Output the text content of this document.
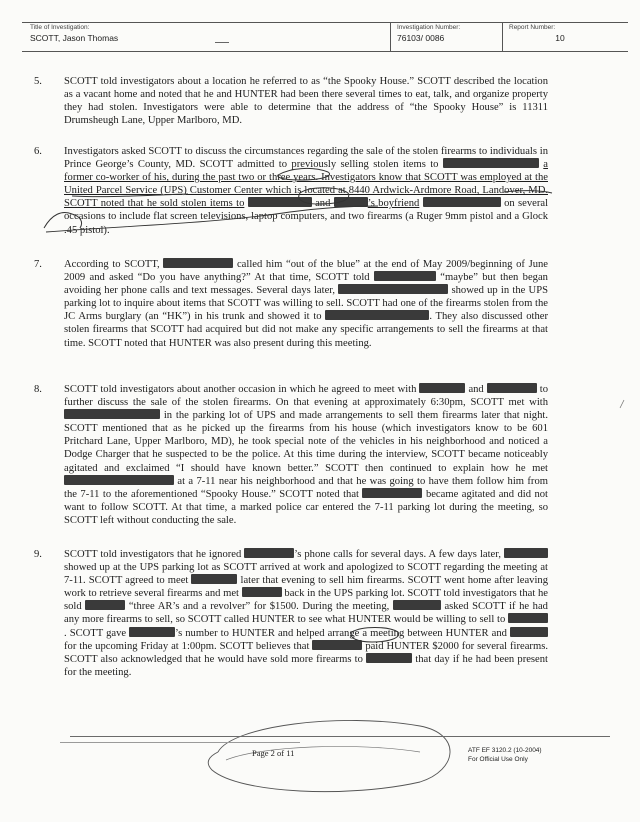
Title of Investigation:
SCOTT, Jason Thomas
Investigation Number:
76103/ 0086
Report Number:
10
5. SCOTT told investigators about a location he referred to as “the Spooky House.” SCOTT described the location as a vacant home and noted that he and HUNTER had been there several times to eat, talk, and organize property they had stolen. Investigators were able to determine that the address of “the Spooky House” is 11311 Drumsheugh Lane, Upper Marlboro, MD.
6. Investigators asked SCOTT to discuss the circumstances regarding the sale of the stolen firearms to individuals in Prince George’s County, MD. SCOTT admitted to previously selling stolen items to	a former co-worker of his, during the past two or three years. Investigators know that SCOTT was employed at the United Parcel Service (UPS) Customer Center which is located at 8440 Ardwick-Ardmore Road, Landover, MD. SCOTT noted that he sold stolen items to	and	’s boyfriend	on several occasions to include flat screen televisions, laptop computers, and two firearms (a Ruger 9mm pistol and a Glock .45 pistol).
7. According to SCOTT,	called him “out of the blue” at the end of May 2009/beginning of June 2009 and asked “Do you have anything?” At that time, SCOTT told	“maybe” but then began avoiding her phone calls and text messages. Several days later,	showed up in the UPS parking lot to inquire about items that SCOTT was willing to sell. SCOTT had one of the firearms stolen from the JC Arms burglary (an “HK”) in his trunk and showed it to	. They also discussed other stolen firearms that SCOTT had acquired but did not make any specific arrangements to sell the firearms at that time. SCOTT noted that HUNTER was also present during this meeting.
8. SCOTT told investigators about another occasion in which he agreed to meet with	and	to further discuss the sale of the stolen firearms. On that evening at approximately 6:30pm, SCOTT met with  in the parking lot of UPS and made arrangements to sell them firearms later that night. SCOTT mentioned that as he picked up the firearms from his house (which investigators know to be 601 Pritchard Lane, Upper Marlboro, MD), he took special note of the vehicles in his neighborhood and noticed a Dodge Charger that he suspected to be the police. At this time during the interview, SCOTT became noticeably agitated and exclaimed “I should have known better.” SCOTT then continued to explain how he met  at a 7-11 near his neighborhood and that he was going to have them follow him from the 7-11 to the aforementioned “Spooky House.” SCOTT noted that	became agitated and did not want to follow SCOTT. At that time, a marked police car entered the 7-11 parking lot during the meeting, so SCOTT left without conducting the sale.
9. SCOTT told investigators that he ignored	’s phone calls for several days. A few days later,  showed up at the UPS parking lot as SCOTT arrived at work and apologized to SCOTT regarding the meeting at 7-11. SCOTT agreed to meet	later that evening to sell him firearms. SCOTT went home after leaving work to retrieve several firearms and met	back in the UPS parking lot. SCOTT told investigators that he sold	“three AR’s and a revolver” for $1500. During the meeting,	asked SCOTT if he had any more firearms to sell, so SCOTT called HUNTER to see what HUNTER would be willing to sell to . SCOTT gave	’s number to HUNTER and helped arrange a meeting between HUNTER and  for the upcoming Friday at 1:00pm. SCOTT believes that	paid HUNTER $2000 for several firearms. SCOTT also acknowledged that he would have sold more firearms to	that day if he had been present for the meeting.
Page 2 of 11	ATF EF 3120.2 (10-2004)
For Official Use Only
